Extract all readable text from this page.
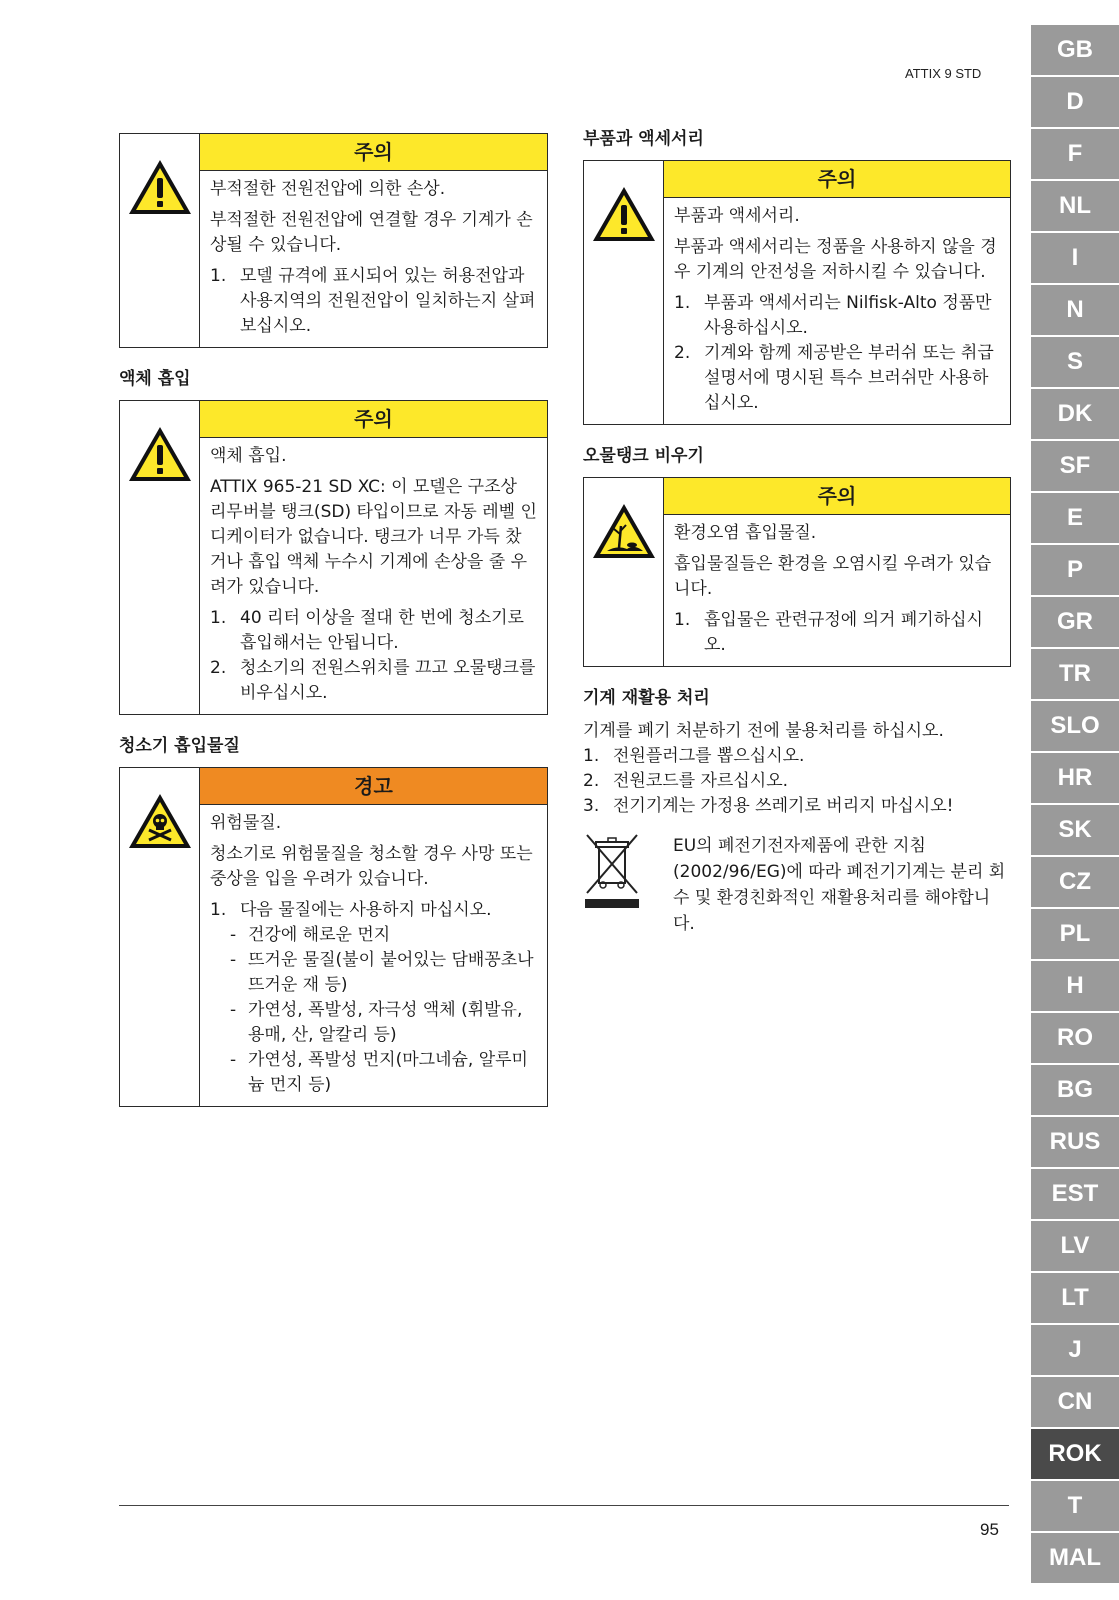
ATTIX 9 STD
주의

부적절한 전원전압에 의한 손상.

부적절한 전원전압에 연결할 경우 기계가 손상될 수 있습니다.

1. 모델 규격에 표시되어 있는 허용전압과 사용지역의 전원전압이 일치하는지 살펴보십시오.
액체 흡입
주의

액체 흡입.

ATTIX 965-21 SD XC: 이 모델은 구조상 리무버블 탱크(SD) 타입이므로 자동 레벨 인디케이터가 없습니다. 탱크가 너무 가득 찼거나 흡입 액체 누수시 기계에 손상을 줄 우려가 있습니다.

1. 40 리터 이상을 절대 한 번에 청소기로 흡입해서는 안됩니다.
2. 청소기의 전원스위치를 끄고 오물탱크를 비우십시오.
청소기 흡입물질
경고

위험물질.

청소기로 위험물질을 청소할 경우 사망 또는 중상을 입을 우려가 있습니다.

1. 다음 물질에는 사용하지 마십시오.
- 건강에 해로운 먼지
- 뜨거운 물질(불이 붙어있는 담배꽁초나 뜨거운 재 등)
- 가연성, 폭발성, 자극성 액체 (휘발유, 용매, 산, 알칼리 등)
- 가연성, 폭발성 먼지(마그네슘, 알루미늄 먼지 등)
부품과 액세서리
주의

부품과 액세서리.

부품과 액세서리는 정품을 사용하지 않을 경우 기계의 안전성을 저하시킬 수 있습니다.

1. 부품과 액세서리는 Nilfisk-Alto 정품만 사용하십시오.
2. 기계와 함께 제공받은 부러쉬 또는 취급설명서에 명시된 특수 브러쉬만 사용하십시오.
오물탱크 비우기
주의

환경오염 흡입물질.

흡입물질들은 환경을 오염시킬 우려가 있습니다.

1. 흡입물은 관련규정에 의거 폐기하십시오.
기계 재활용 처리

기계를 폐기 처분하기 전에 불용처리를 하십시오.

1. 전원플러그를 뽑으십시오.
2. 전원코드를 자르십시오.
3. 전기기계는 가정용 쓰레기로 버리지 마십시오!
EU의 폐전기전자제품에 관한 지침(2002/96/EG)에 따라 폐전기기계는 분리 회수 및 환경친화적인 재활용처리를 해야합니다.
95
GB
D
F
NL
I
N
S
DK
SF
E
P
GR
TR
SLO
HR
SK
CZ
PL
H
RO
BG
RUS
EST
LV
LT
J
CN
ROK
T
MAL
